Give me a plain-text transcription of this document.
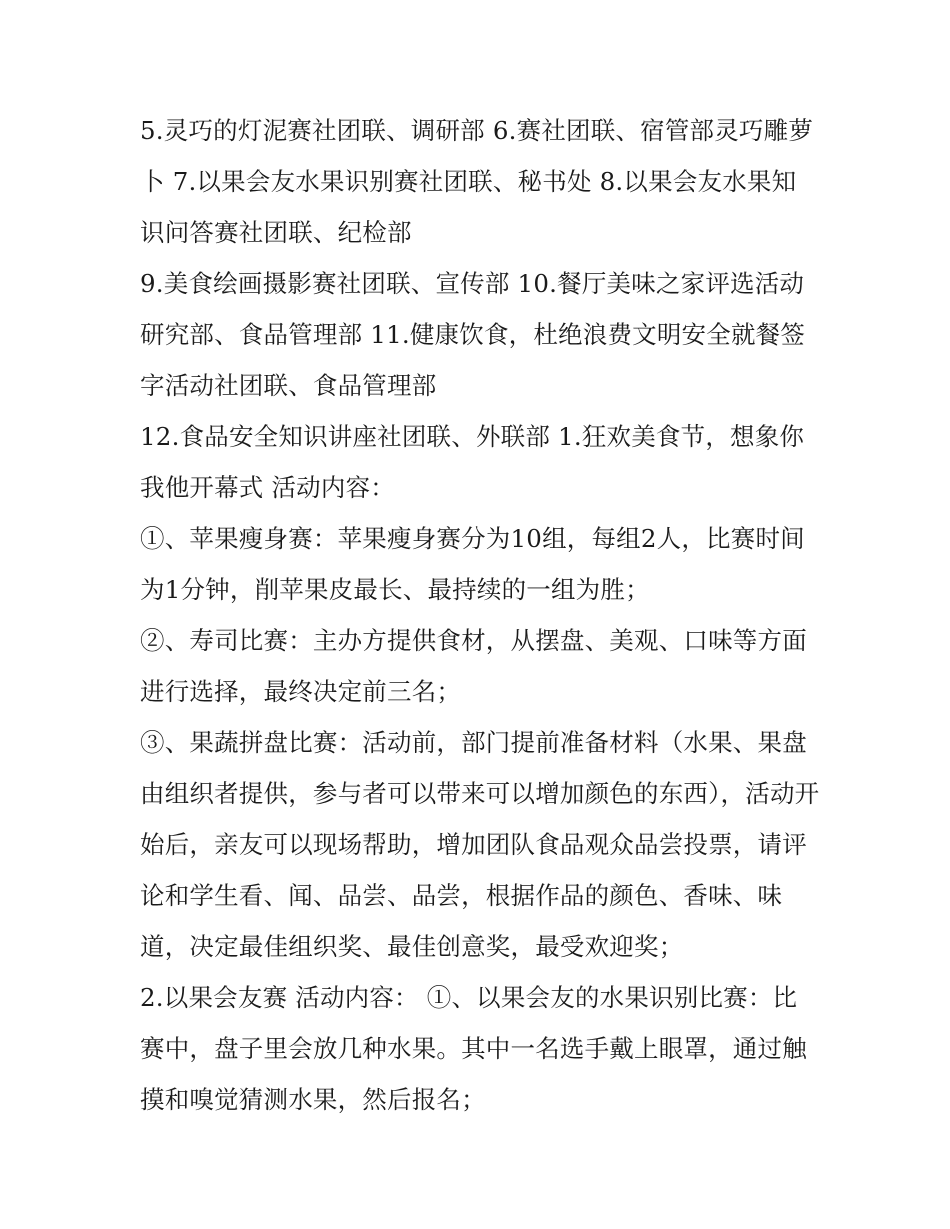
5.灵巧的灯泥赛社团联、调研部 6.赛社团联、宿管部灵巧雕萝卜 7.以果会友水果识别赛社团联、秘书处 8.以果会友水果知识问答赛社团联、纪检部

9.美食绘画摄影赛社团联、宣传部 10.餐厅美味之家评选活动研究部、食品管理部 11.健康饮食，杜绝浪费文明安全就餐签字活动社团联、食品管理部

12.食品安全知识讲座社团联、外联部 1.狂欢美食节，想象你我他开幕式 活动内容：

①、苹果瘦身赛：苹果瘦身赛分为10组，每组2人，比赛时间为1分钟，削苹果皮最长、最持续的一组为胜；

②、寿司比赛：主办方提供食材，从摆盘、美观、口味等方面进行选择，最终决定前三名；

③、果蔬拼盘比赛：活动前，部门提前准备材料（水果、果盘由组织者提供，参与者可以带来可以增加颜色的东西），活动开始后，亲友可以现场帮助，增加团队食品观众品尝投票，请评论和学生看、闻、品尝、品尝，根据作品的颜色、香味、味道，决定最佳组织奖、最佳创意奖，最受欢迎奖；

2.以果会友赛 活动内容： ①、以果会友的水果识别比赛：比赛中，盘子里会放几种水果。其中一名选手戴上眼罩，通过触摸和嗅觉猜测水果，然后报名；
